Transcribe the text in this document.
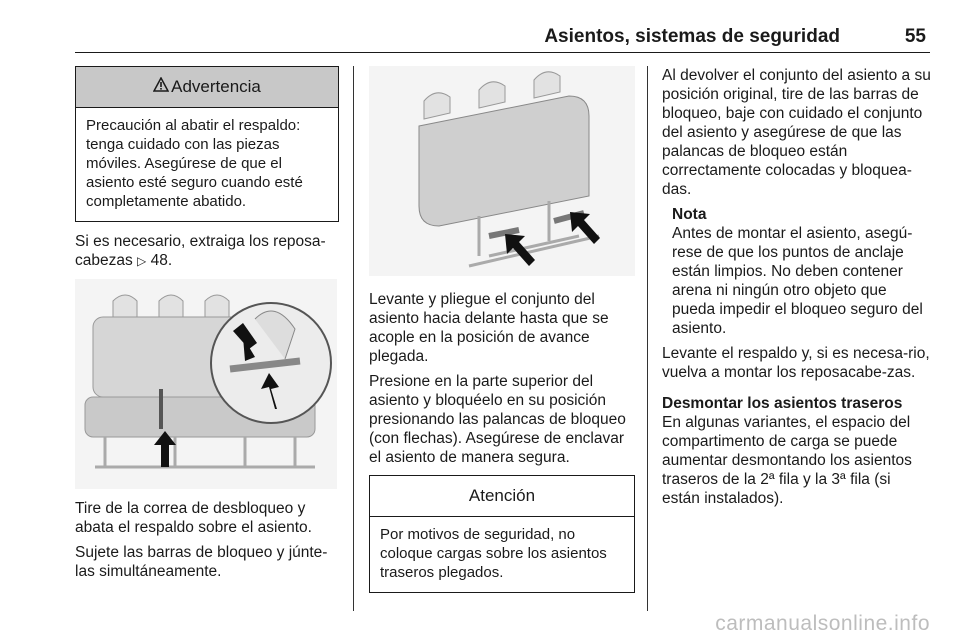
Asientos, sistemas de seguridad	55
Advertencia
Precaución al abatir el respaldo: tenga cuidado con las piezas móviles. Asegúrese de que el asiento esté seguro cuando esté completamente abatido.

Si es necesario, extraiga los reposa-cabezas ▷ 48.

Tire de la correa de desbloqueo y abata el respaldo sobre el asiento.

Sujete las barras de bloqueo y júnte-las simultáneamente.

Levante y pliegue el conjunto del asiento hacia delante hasta que se acople en la posición de avance plegada.

Presione en la parte superior del asiento y bloquéelo en su posición presionando las palancas de bloqueo (con flechas). Asegúrese de enclavar el asiento de manera segura.

Atención
Por motivos de seguridad, no coloque cargas sobre los asientos traseros plegados.

Al devolver el conjunto del asiento a su posición original, tire de las barras de bloqueo, baje con cuidado el conjunto del asiento y asegúrese de que las palancas de bloqueo están correctamente colocadas y bloquea-das.

Nota
Antes de montar el asiento, asegú-rese de que los puntos de anclaje están limpios. No deben contener arena ni ningún otro objeto que pueda impedir el bloqueo seguro del asiento.

Levante el respaldo y, si es necesa-rio, vuelva a montar los reposacabe-zas.

Desmontar los asientos traseros

En algunas variantes, el espacio del compartimento de carga se puede aumentar desmontando los asientos traseros de la 2ª fila y la 3ª fila (si están instalados).

carmanualsonline.info
